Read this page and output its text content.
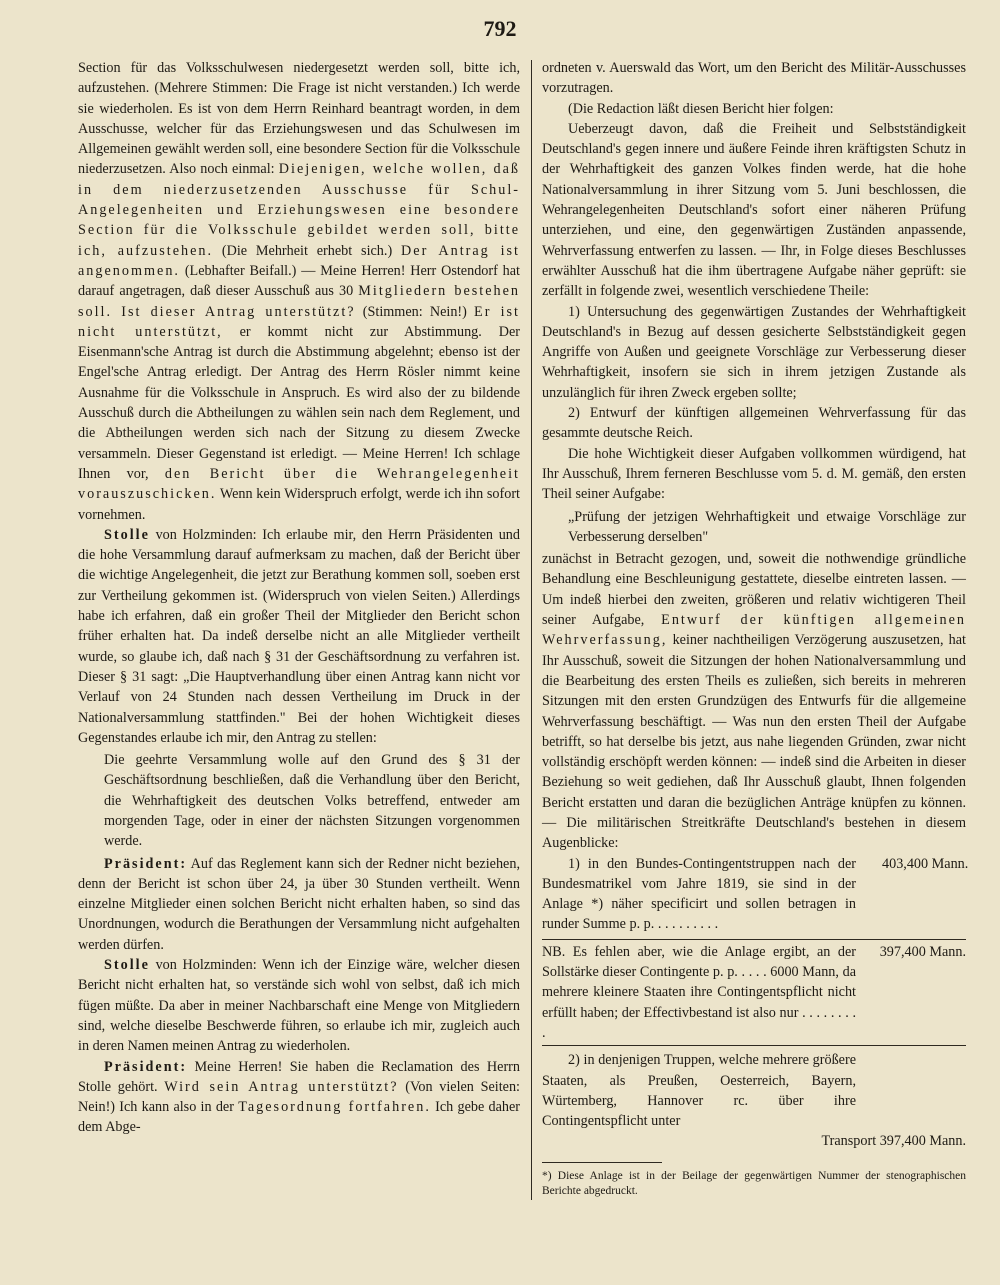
792

Section für das Volksschulwesen niedergesetzt werden soll, bitte ich, aufzustehen. (Mehrere Stimmen: Die Frage ist nicht verstanden.) Ich werde sie wiederholen. Es ist von dem Herrn Reinhard beantragt worden, in dem Ausschusse, welcher für das Erziehungswesen und das Schulwesen im Allgemeinen gewählt werden soll, eine besondere Section für die Volksschule niederzusetzen. Also noch einmal: Diejenigen, welche wollen, daß in dem niederzusetzenden Ausschusse für Schul-Angelegenheiten und Erziehungswesen eine besondere Section für die Volksschule gebildet werden soll, bitte ich, aufzustehen. (Die Mehrheit erhebt sich.) Der Antrag ist angenommen. (Lebhafter Beifall.) — Meine Herren! Herr Ostendorf hat darauf angetragen, daß dieser Ausschuß aus 30 Mitgliedern bestehen soll. Ist dieser Antrag unterstützt? (Stimmen: Nein!) Er ist nicht unterstützt, er kommt nicht zur Abstimmung. Der Eisenmann'sche Antrag ist durch die Abstimmung abgelehnt; ebenso ist der Engel'sche Antrag erledigt. Der Antrag des Herrn Rösler nimmt keine Ausnahme für die Volksschule in Anspruch. Es wird also der zu bildende Ausschuß durch die Abtheilungen zu wählen sein nach dem Reglement, und die Abtheilungen werden sich nach der Sitzung zu diesem Zwecke versammeln. Dieser Gegenstand ist erledigt. — Meine Herren! Ich schlage Ihnen vor, den Bericht über die Wehrangelegenheit vorauszuschicken. Wenn kein Widerspruch erfolgt, werde ich ihn sofort vornehmen.

Stolle von Holzminden: Ich erlaube mir, den Herrn Präsidenten und die hohe Versammlung darauf aufmerksam zu machen, daß der Bericht über die wichtige Angelegenheit, die jetzt zur Berathung kommen soll, soeben erst zur Vertheilung gekommen ist. (Widerspruch von vielen Seiten.) Allerdings habe ich erfahren, daß ein großer Theil der Mitglieder den Bericht schon früher erhalten hat. Da indeß derselbe nicht an alle Mitglieder vertheilt wurde, so glaube ich, daß nach § 31 der Geschäftsordnung zu verfahren ist. Dieser § 31 sagt: „Die Hauptverhandlung über einen Antrag kann nicht vor Verlauf von 24 Stunden nach dessen Vertheilung im Druck in der Nationalversammlung stattfinden." Bei der hohen Wichtigkeit dieses Gegenstandes erlaube ich mir, den Antrag zu stellen:

Die geehrte Versammlung wolle auf den Grund des § 31 der Geschäftsordnung beschließen, daß die Verhandlung über den Bericht, die Wehrhaftigkeit des deutschen Volks betreffend, entweder am morgenden Tage, oder in einer der nächsten Sitzungen vorgenommen werde.

Präsident: Auf das Reglement kann sich der Redner nicht beziehen, denn der Bericht ist schon über 24, ja über 30 Stunden vertheilt. Wenn einzelne Mitglieder einen solchen Bericht nicht erhalten haben, so sind das Unordnungen, wodurch die Berathungen der Versammlung nicht aufgehalten werden dürfen.

Stolle von Holzminden: Wenn ich der Einzige wäre, welcher diesen Bericht nicht erhalten hat, so verstände sich wohl von selbst, daß ich mich fügen müßte. Da aber in meiner Nachbarschaft eine Menge von Mitgliedern sind, welche dieselbe Beschwerde führen, so erlaube ich mir, zugleich auch in deren Namen meinen Antrag zu wiederholen.

Präsident: Meine Herren! Sie haben die Reclamation des Herrn Stolle gehört. Wird sein Antrag unterstützt? (Von vielen Seiten: Nein!) Ich kann also in der Tagesordnung fortfahren. Ich gebe daher dem Abge-

ordneten v. Auerswald das Wort, um den Bericht des Militär-Ausschusses vorzutragen.

(Die Redaction läßt diesen Bericht hier folgen:

Ueberzeugt davon, daß die Freiheit und Selbstständigkeit Deutschland's gegen innere und äußere Feinde ihren kräftigsten Schutz in der Wehrhaftigkeit des ganzen Volkes finden werde, hat die hohe Nationalversammlung in ihrer Sitzung vom 5. Juni beschlossen, die Wehrangelegenheiten Deutschland's sofort einer näheren Prüfung unterziehen, und eine, den gegenwärtigen Zuständen anpassende, Wehrverfassung entwerfen zu lassen. — Ihr, in Folge dieses Beschlusses erwählter Ausschuß hat die ihm übertragene Aufgabe näher geprüft: sie zerfällt in folgende zwei, wesentlich verschiedene Theile:

1) Untersuchung des gegenwärtigen Zustandes der Wehrhaftigkeit Deutschland's in Bezug auf dessen gesicherte Selbstständigkeit gegen Angriffe von Außen und geeignete Vorschläge zur Verbesserung dieser Wehrhaftigkeit, insofern sie sich in ihrem jetzigen Zustande als unzulänglich für ihren Zweck ergeben sollte;

2) Entwurf der künftigen allgemeinen Wehrverfassung für das gesammte deutsche Reich.

Die hohe Wichtigkeit dieser Aufgaben vollkommen würdigend, hat Ihr Ausschuß, Ihrem ferneren Beschlusse vom 5. d. M. gemäß, den ersten Theil seiner Aufgabe:

„Prüfung der jetzigen Wehrhaftigkeit und etwaige Vorschläge zur Verbesserung derselben"

zunächst in Betracht gezogen, und, soweit die nothwendige gründliche Behandlung eine Beschleunigung gestattete, dieselbe eintreten lassen. — Um indeß hierbei den zweiten, größeren und relativ wichtigeren Theil seiner Aufgabe, Entwurf der künftigen allgemeinen Wehrverfassung, keiner nachtheiligen Verzögerung auszusetzen, hat Ihr Ausschuß, soweit die Sitzungen der hohen Nationalversammlung und die Bearbeitung des ersten Theils es zuließen, sich bereits in mehreren Sitzungen mit den ersten Grundzügen des Entwurfs für die allgemeine Wehrverfassung beschäftigt. — Was nun den ersten Theil der Aufgabe betrifft, so hat derselbe bis jetzt, aus nahe liegenden Gründen, zwar nicht vollständig erschöpft werden können: — indeß sind die Arbeiten in dieser Beziehung so weit gediehen, daß Ihr Ausschuß glaubt, Ihnen folgenden Bericht erstatten und daran die bezüglichen Anträge knüpfen zu können. — Die militärischen Streitkräfte Deutschland's bestehen in diesem Augenblicke:

1) in den Bundes-Contingentstruppen nach der Bundesmatrikel vom Jahre 1819, sie sind in der Anlage *) näher specificirt und sollen betragen in runder Summe p. p. . . . . . . . . .
403,400 Mann.
NB. Es fehlen aber, wie die Anlage ergibt, an der Sollstärke dieser Contingente p. p. . . . . 6000 Mann, da mehrere kleinere Staaten ihre Contingentspflicht nicht erfüllt haben; der Effectivbestand ist also nur . . . . . . . . .
397,400 Mann.
2) in denjenigen Truppen, welche mehrere größere Staaten, als Preußen, Oesterreich, Bayern, Würtemberg, Hannover rc. über ihre Contingentspflicht unter

Transport 397,400 Mann.

*) Diese Anlage ist in der Beilage der gegenwärtigen Nummer der stenographischen Berichte abgedruckt.
